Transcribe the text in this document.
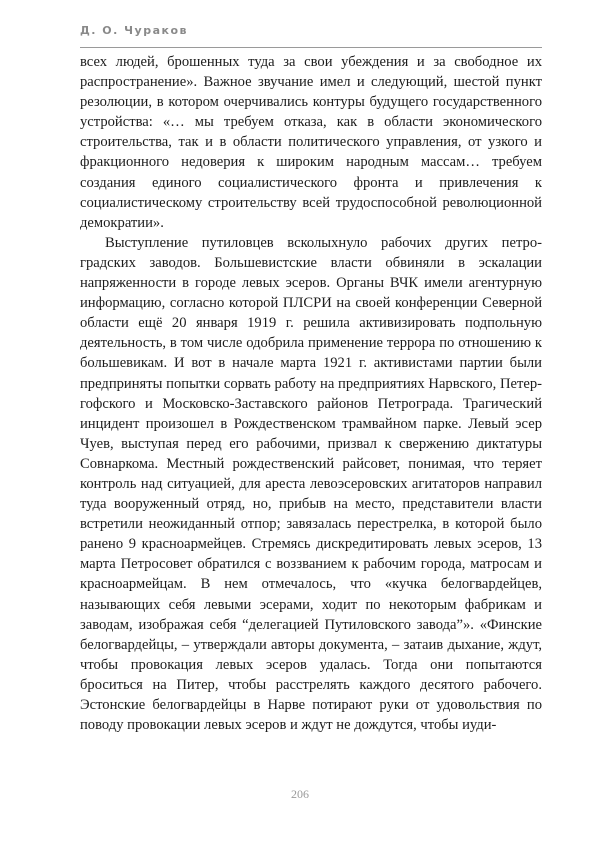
Д. О. Чураков

всех людей, брошенных туда за свои убеждения и за свободное их распространение». Важное звучание имел и следующий, шестой пункт резолюции, в котором очерчивались контуры будущего государственного устройства: «… мы требуем отказа, как в области экономического строительства, так и в области политического управления, от узкого и фракционного недоверия к широким народным массам… требуем создания единого социалистического фронта и привлечения к социалистическому строительству всей трудоспособной революционной демократии».

Выступление путиловцев всколыхнуло рабочих других петроградских заводов. Большевистские власти обвиняли в эскалации напряженности в городе левых эсеров. Органы ВЧК имели агентурную информацию, согласно которой ПЛСРИ на своей конференции Северной области ещё 20 января 1919 г. решила активизировать подпольную деятельность, в том числе одобрила применение террора по отношению к большевикам. И вот в начале марта 1921 г. активистами партии были предприняты попытки сорвать работу на предприятиях Нарвского, Петергофского и Московско-Заставского районов Петрограда. Трагический инцидент произошел в Рождественском трамвайном парке. Левый эсер Чуев, выступая перед его рабочими, призвал к свержению диктатуры Совнаркома. Местный рождественский райсовет, понимая, что теряет контроль над ситуацией, для ареста левоэсеровских агитаторов направил туда вооруженный отряд, но, прибыв на место, представители власти встретили неожиданный отпор; завязалась перестрелка, в которой было ранено 9 красноармейцев. Стремясь дискредитировать левых эсеров, 13 марта Петросовет обратился с воззванием к рабочим города, матросам и красноармейцам. В нем отмечалось, что «кучка белогвардейцев, называющих себя левыми эсерами, ходит по некоторым фабрикам и заводам, изображая себя “делегацией Путиловского завода”». «Финские белогвардейцы, – утверждали авторы документа, – затаив дыхание, ждут, чтобы провокация левых эсеров удалась. Тогда они попытаются броситься на Питер, чтобы расстрелять каждого десятого рабочего. Эстонские белогвардейцы в Нарве потирают руки от удовольствия по поводу провокации левых эсеров и ждут не дождутся, чтобы иуди-

206
